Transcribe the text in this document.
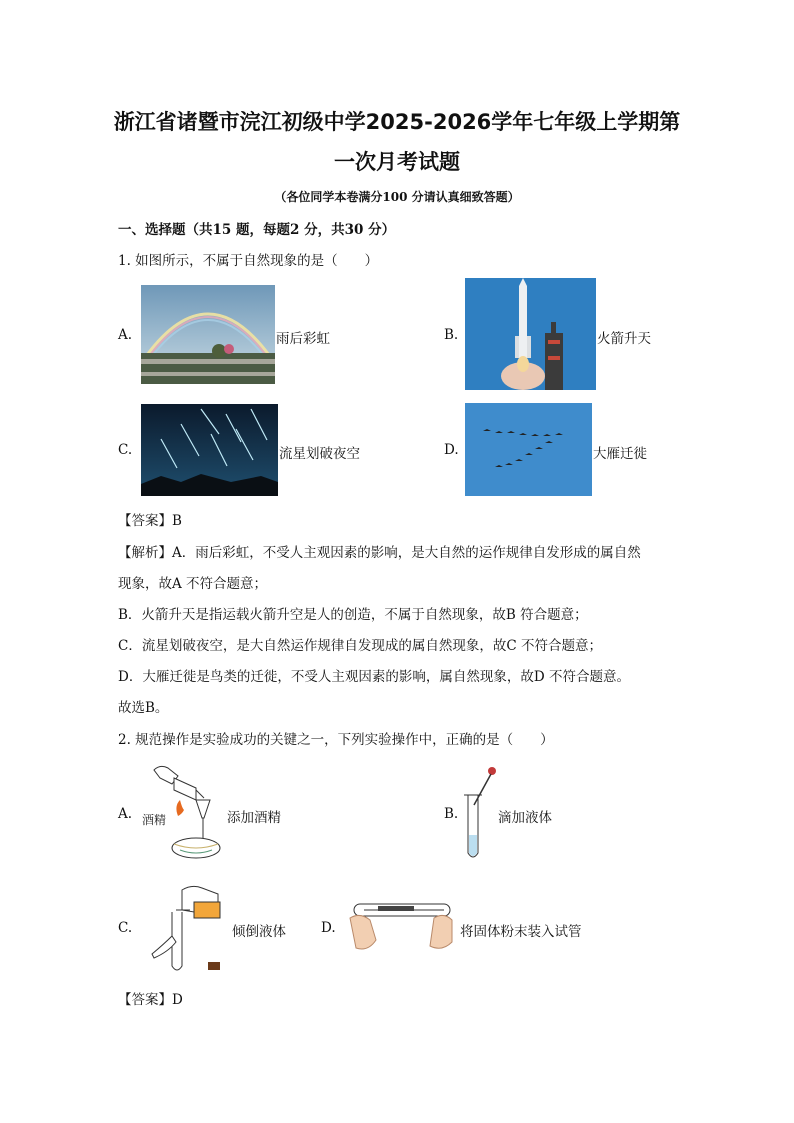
浙江省诸暨市浣江初级中学2025-2026学年七年级上学期第
一次月考试题
（各位同学本卷满分100 分请认真细致答题）
一、选择题（共15 题，每题2 分，共30 分）
1. 如图所示，不属于自然现象的是（　　）
A.	雨后彩虹	B.	火箭升天
C.	流星划破夜空	D.	大雁迁徙
【答案】B
【解析】A．雨后彩虹，不受人主观因素的影响，是大自然的运作规律自发形成的属自然
现象，故A 不符合题意；
B．火箭升天是指运载火箭升空是人的创造，不属于自然现象，故B 符合题意；
C．流星划破夜空，是大自然运作规律自发现成的属自然现象，故C 不符合题意；
D．大雁迁徙是鸟类的迁徙，不受人主观因素的影响，属自然现象，故D 不符合题意。
故选B。
2. 规范操作是实验成功的关键之一，下列实验操作中，正确的是（　　）
A. 酒精	添加酒精	B.	滴加液体
C.	倾倒液体	D.	将固体粉末装入试管
【答案】D
